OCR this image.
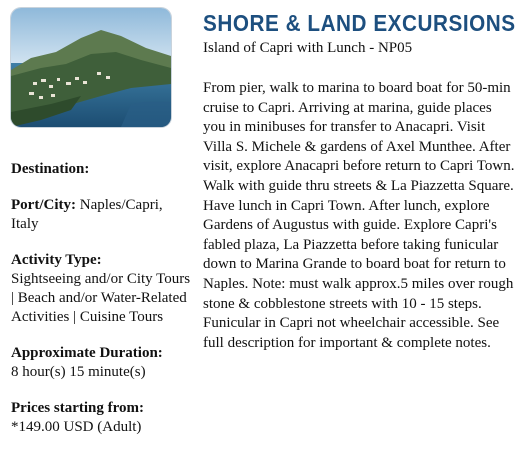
SHORE & LAND EXCURSIONS
Island of Capri with Lunch - NP05
Destination:
Port/City: Naples/Capri, Italy
Activity Type:
Sightseeing and/or City Tours | Beach and/or Water-Related Activities | Cuisine Tours
Approximate Duration:
8 hour(s) 15 minute(s)
Prices starting from:
*149.00 USD (Adult)

From pier, walk to marina to board boat for 50-min cruise to Capri. Arriving at marina, guide places you in minibuses for transfer to Anacapri. Visit Villa S. Michele & gardens of Axel Munthee. After visit, explore Anacapri before return to Capri Town. Walk with guide thru streets & La Piazzetta Square. Have lunch in Capri Town. After lunch, explore Gardens of Augustus with guide. Explore Capri's fabled plaza, La Piazzetta before taking funicular down to Marina Grande to board boat for return to Naples. Note: must walk approx.5 miles over rough stone & cobblestone streets with 10 - 15 steps. Funicular in Capri not wheelchair accessible. See full description for important & complete notes.
